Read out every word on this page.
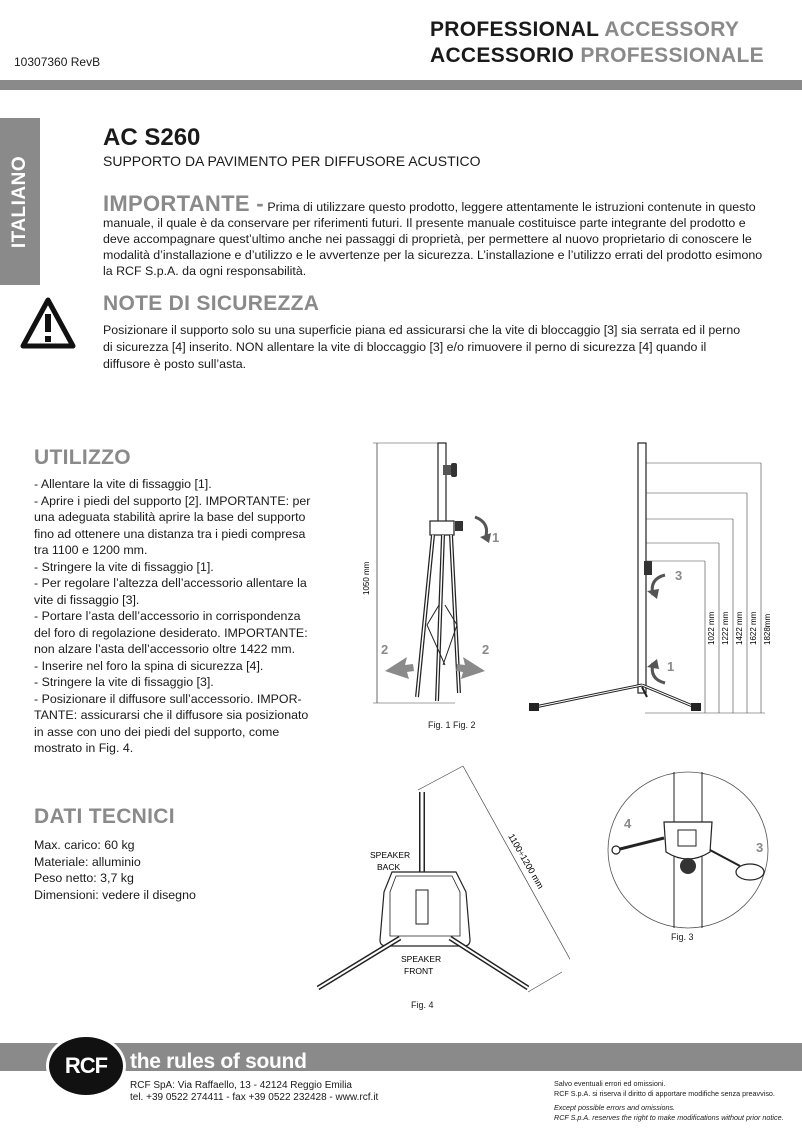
PROFESSIONAL ACCESSORY
ACCESSORIO PROFESSIONALE
10307360 RevB
ITALIANO
AC S260
SUPPORTO DA PAVIMENTO PER DIFFUSORE ACUSTICO
IMPORTANTE - Prima di utilizzare questo prodotto, leggere attentamente le istruzioni contenute in questo manuale, il quale è da conservare per riferimenti futuri. Il presente manuale costituisce parte integrante del prodotto e deve accompagnare quest’ultimo anche nei passaggi di proprietà, per permettere al nuovo proprietario di conoscere le modalità d’installazione e d’utilizzo e le avvertenze per la sicurezza. L’installazione e l’utilizzo errati del prodotto esimono la RCF S.p.A. da ogni responsabilità.
NOTE DI SICUREZZA
Posizionare il supporto solo su una superficie piana ed assicurarsi che la vite di bloccaggio [3] sia serrata ed il perno di sicurezza [4] inserito. NON allentare la vite di bloccaggio [3] e/o rimuovere il perno di sicurezza [4] quando il diffusore è posto sull’asta.
UTILIZZO
- Allentare la vite di fissaggio [1].
- Aprire i piedi del supporto [2]. IMPORTANTE: per una adeguata stabilità aprire la base del supporto fino ad ottenere una distanza tra i piedi compresa tra 1100 e 1200 mm.
- Stringere la vite di fissaggio [1].
- Per regolare l’altezza dell’accessorio allentare la vite di fissaggio [3].
- Portare l’asta dell’accessorio in corrispondenza del foro di regolazione desiderato. IMPORTANTE: non alzare l’asta dell’accessorio oltre 1422 mm.
- Inserire nel foro la spina di sicurezza [4].
- Stringere la vite di fissaggio [3].
- Posizionare il diffusore sull’accessorio. IMPOR-TANTE: assicurarsi che il diffusore sia posizionato in asse con uno dei piedi del supporto, come mostrato in Fig. 4.
DATI TECNICI
Max. carico: 60 kg
Materiale: alluminio
Peso netto: 3,7 kg
Dimensioni: vedere il disegno
1050 mm
1
2	2
Fig. 1 Fig. 2
1022 mm 1222 mm 1422 mm 1622 mm 1828mm
3
1
1100÷1200 mm
SPEAKER
BACK
SPEAKER
FRONT
Fig. 4
4
3
Fig. 3
RCF	the rules of sound
RCF SpA: Via Raffaello, 13 - 42124 Reggio Emilia
tel. +39 0522 274411 - fax +39 0522 232428 - www.rcf.it
Salvo eventuali errori ed omissioni.
RCF S.p.A. si riserva il diritto di apportare modifiche senza preavviso.
Except possible errors and omissions.
RCF S.p.A. reserves the right to make modifications without prior notice.
